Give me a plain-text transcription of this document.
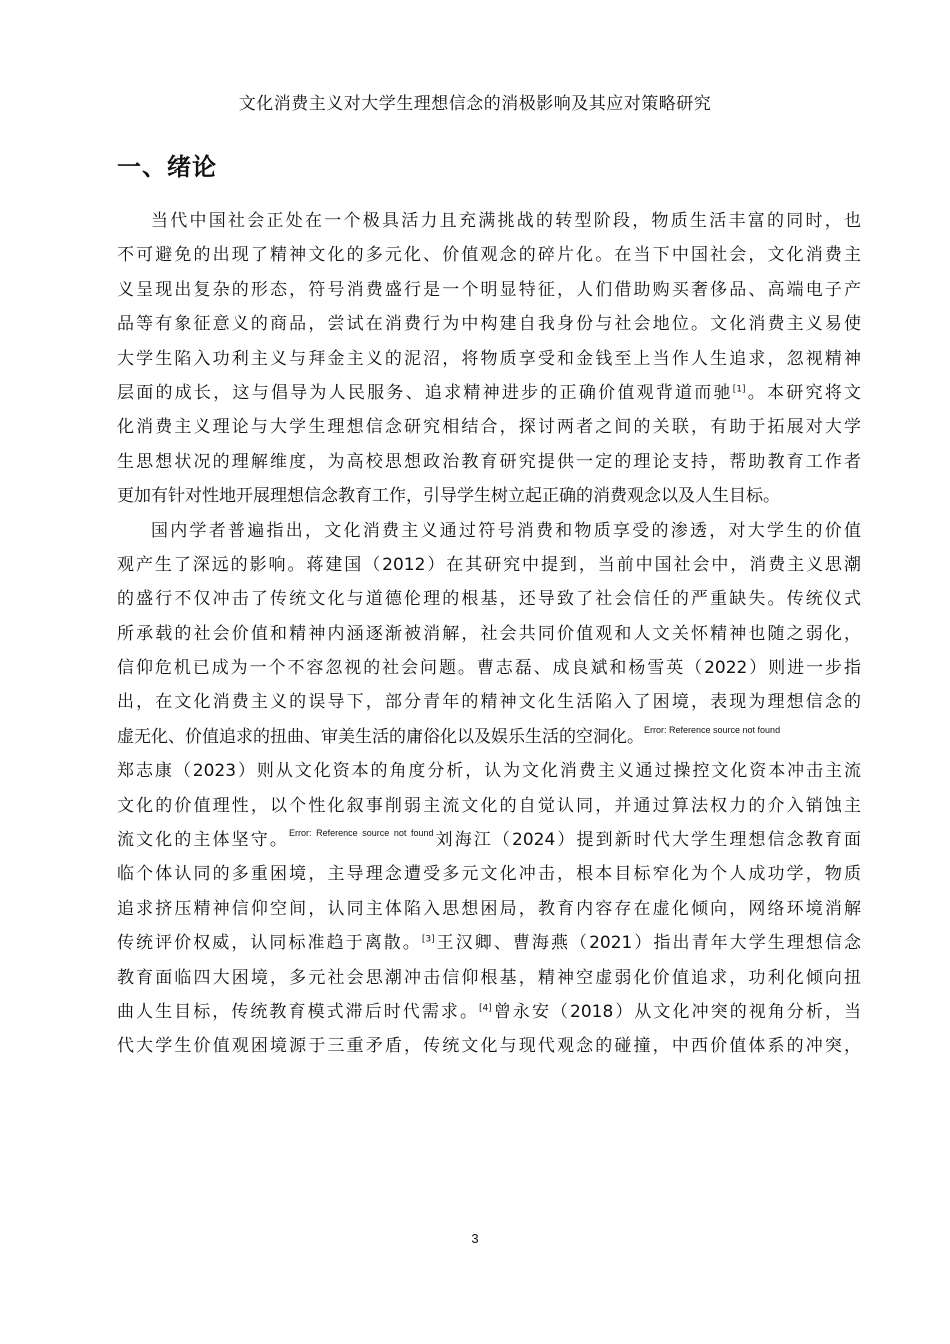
文化消费主义对大学生理想信念的消极影响及其应对策略研究
一、绪论
当代中国社会正处在一个极具活力且充满挑战的转型阶段，物质生活丰富的同时，也
不可避免的出现了精神文化的多元化、价值观念的碎片化。在当下中国社会，文化消费主
义呈现出复杂的形态，符号消费盛行是一个明显特征，人们借助购买奢侈品、高端电子产
品等有象征意义的商品，尝试在消费行为中构建自我身份与社会地位。文化消费主义易使
大学生陷入功利主义与拜金主义的泥沼，将物质享受和金钱至上当作人生追求，忽视精神
层面的成长，这与倡导为人民服务、追求精神进步的正确价值观背道而驰[1]。本研究将文
化消费主义理论与大学生理想信念研究相结合，探讨两者之间的关联，有助于拓展对大学
生思想状况的理解维度，为高校思想政治教育研究提供一定的理论支持，帮助教育工作者
更加有针对性地开展理想信念教育工作，引导学生树立起正确的消费观念以及人生目标。
国内学者普遍指出，文化消费主义通过符号消费和物质享受的渗透，对大学生的价值
观产生了深远的影响。蒋建国（2012）在其研究中提到，当前中国社会中，消费主义思潮
的盛行不仅冲击了传统文化与道德伦理的根基，还导致了社会信任的严重缺失。传统仪式
所承载的社会价值和精神内涵逐渐被消解，社会共同价值观和人文关怀精神也随之弱化，
信仰危机已成为一个不容忽视的社会问题。曹志磊、成良斌和杨雪英（2022）则进一步指
出，在文化消费主义的误导下，部分青年的精神文化生活陷入了困境，表现为理想信念的
虚无化、价值追求的扭曲、审美生活的庸俗化以及娱乐生活的空洞化。$^{Error: Reference source not found}$
郑志康（2023）则从文化资本的角度分析，认为文化消费主义通过操控文化资本冲击主流
文化的价值理性，以个性化叙事削弱主流文化的自觉认同，并通过算法权力的介入销蚀主
流文化的主体坚守。$^{Error: Reference source not found}$刘海江（2024）提到新时代大学生理想信念教育面
临个体认同的多重困境，主导理念遭受多元文化冲击，根本目标窄化为个人成功学，物质
追求挤压精神信仰空间，认同主体陷入思想困局，教育内容存在虚化倾向，网络环境消解
传统评价权威，认同标准趋于离散。[3]王汉卿、曹海燕（2021）指出青年大学生理想信念
教育面临四大困境，多元社会思潮冲击信仰根基，精神空虚弱化价值追求，功利化倾向扭
曲人生目标，传统教育模式滞后时代需求。[4]曾永安（2018）从文化冲突的视角分析，当
代大学生价值观困境源于三重矛盾，传统文化与现代观念的碰撞，中西价值体系的冲突，
3
